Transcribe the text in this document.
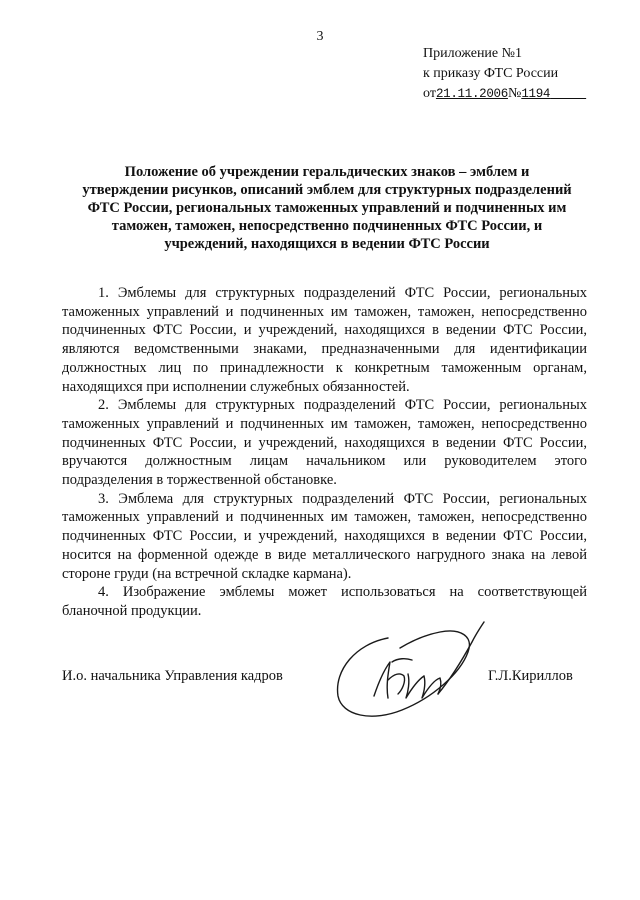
3
Приложение №1
к приказу ФТС России
от21.11.2006№1194
Положение об учреждении геральдических знаков – эмблем и утверждении рисунков, описаний эмблем для структурных подразделений ФТС России, региональных таможенных управлений и подчиненных им таможен, таможен, непосредственно подчиненных ФТС России, и учреждений, находящихся в ведении ФТС России

1. Эмблемы для структурных подразделений ФТС России, региональных таможенных управлений и подчиненных им таможен, таможен, непосредственно подчиненных ФТС России, и учреждений, находящихся в ведении ФТС России, являются ведомственными знаками, предназначенными для идентификации должностных лиц по принадлежности к конкретным таможенным органам, находящихся при исполнении служебных обязанностей.

2. Эмблемы для структурных подразделений ФТС России, региональных таможенных управлений и подчиненных им таможен, таможен, непосредственно подчиненных ФТС России, и учреждений, находящихся в ведении ФТС России, вручаются должностным лицам начальником или руководителем этого подразделения в торжественной обстановке.

3. Эмблема для структурных подразделений ФТС России, региональных таможенных управлений и подчиненных им таможен, таможен, непосредственно подчиненных ФТС России, и учреждений, находящихся в ведении ФТС России, носится на форменной одежде в виде металлического нагрудного знака на левой стороне груди (на встречной складке кармана).

4. Изображение эмблемы может использоваться на соответствующей бланочной продукции.

И.о. начальника Управления кадров	Г.Л.Кириллов
